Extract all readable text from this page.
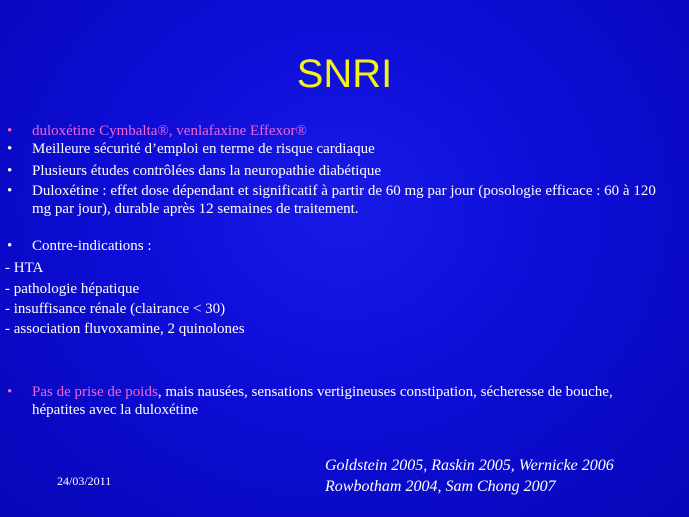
SNRI
• duloxétine Cymbalta®, venlafaxine Effexor®
• Meilleure sécurité d’emploi en terme de risque cardiaque
• Plusieurs études contrôlées dans la neuropathie diabétique
• Duloxétine : effet dose dépendant et significatif à partir de 60 mg par jour (posologie efficace : 60 à 120 mg par jour), durable après 12 semaines de traitement.
• Contre-indications :
- HTA
- pathologie hépatique
- insuffisance rénale (clairance < 30)
- association fluvoxamine, 2 quinolones
• Pas de prise de poids, mais nausées, sensations vertigineuses constipation, sécheresse de bouche, hépatites avec la duloxétine
Goldstein 2005, Raskin 2005, Wernicke 2006
Rowbotham 2004, Sam Chong 2007
24/03/2011
